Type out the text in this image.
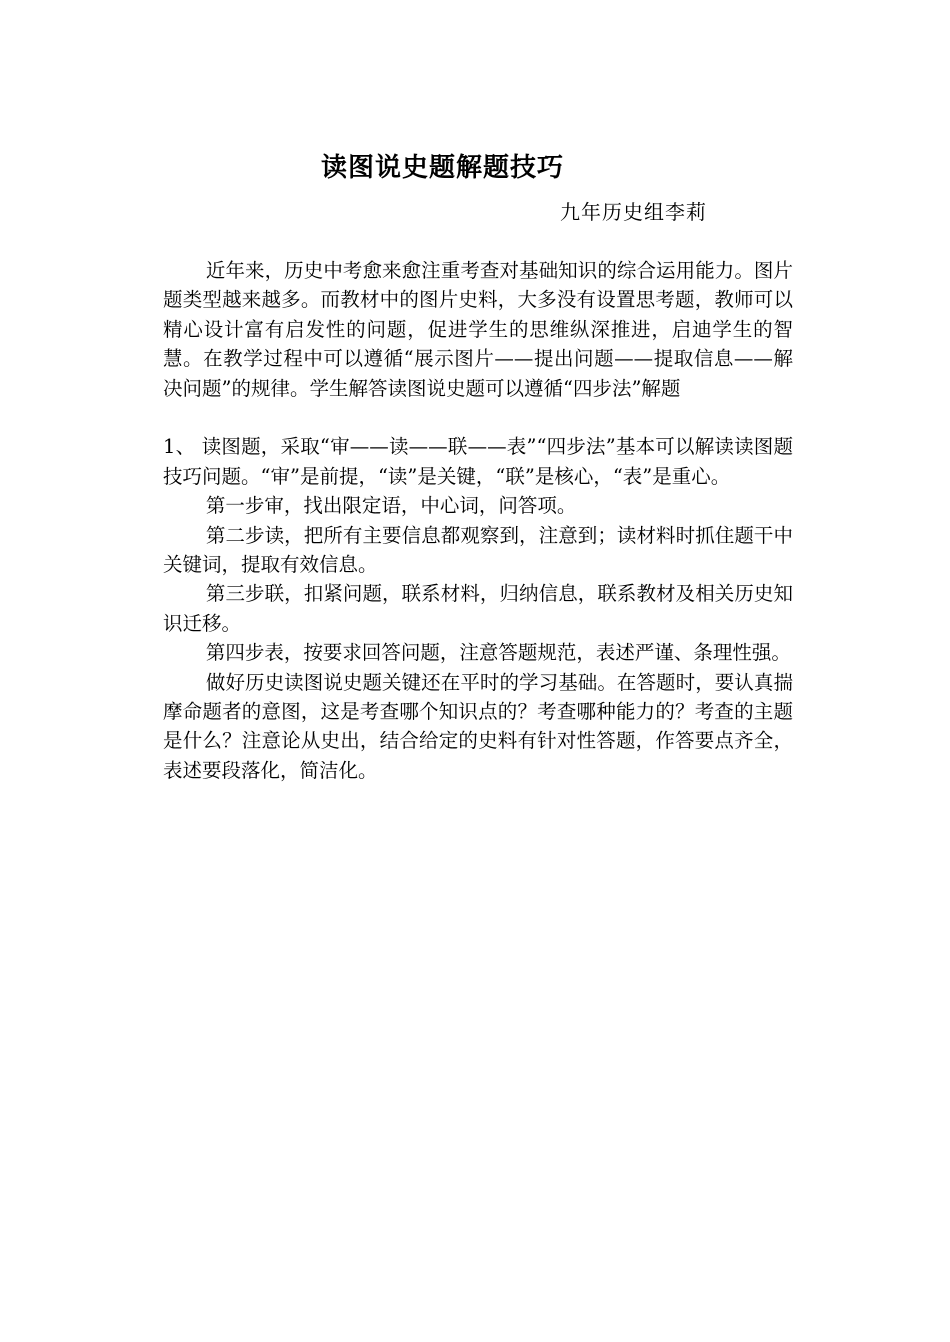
读图说史题解题技巧
九年历史组李莉

近年来，历史中考愈来愈注重考查对基础知识的综合运用能力。图片题类型越来越多。而教材中的图片史料，大多没有设置思考题，教师可以精心设计富有启发性的问题，促进学生的思维纵深推进，启迪学生的智慧。在教学过程中可以遵循“展示图片——提出问题——提取信息——解决问题”的规律。学生解答读图说史题可以遵循“四步法”解题

1、 读图题，采取“审——读——联——表”“四步法”基本可以解读读图题技巧问题。“审”是前提，“读”是关键，“联”是核心，“表”是重心。

第一步审，找出限定语，中心词，问答项。

第二步读，把所有主要信息都观察到，注意到；读材料时抓住题干中关键词，提取有效信息。

第三步联，扣紧问题，联系材料，归纳信息，联系教材及相关历史知识迁移。

第四步表，按要求回答问题，注意答题规范，表述严谨、条理性强。

做好历史读图说史题关键还在平时的学习基础。在答题时，要认真揣摩命题者的意图，这是考查哪个知识点的？考查哪种能力的？考查的主题是什么？注意论从史出，结合给定的史料有针对性答题，作答要点齐全，表述要段落化，简洁化。
